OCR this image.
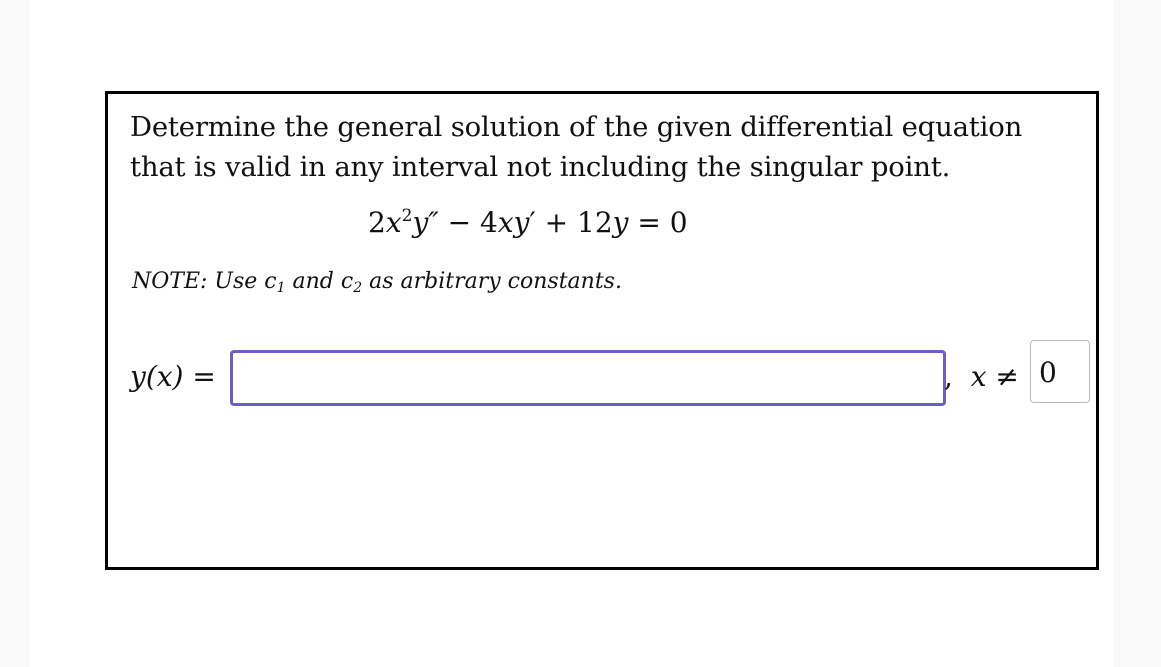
Determine the general solution of the given differential equation that is valid in any interval not including the singular point.
$2x^2y'' - 4xy' + 12y = 0$
NOTE: Use $c_1$ and $c_2$ as arbitrary constants.
y(x) =	, x ≠ 0
